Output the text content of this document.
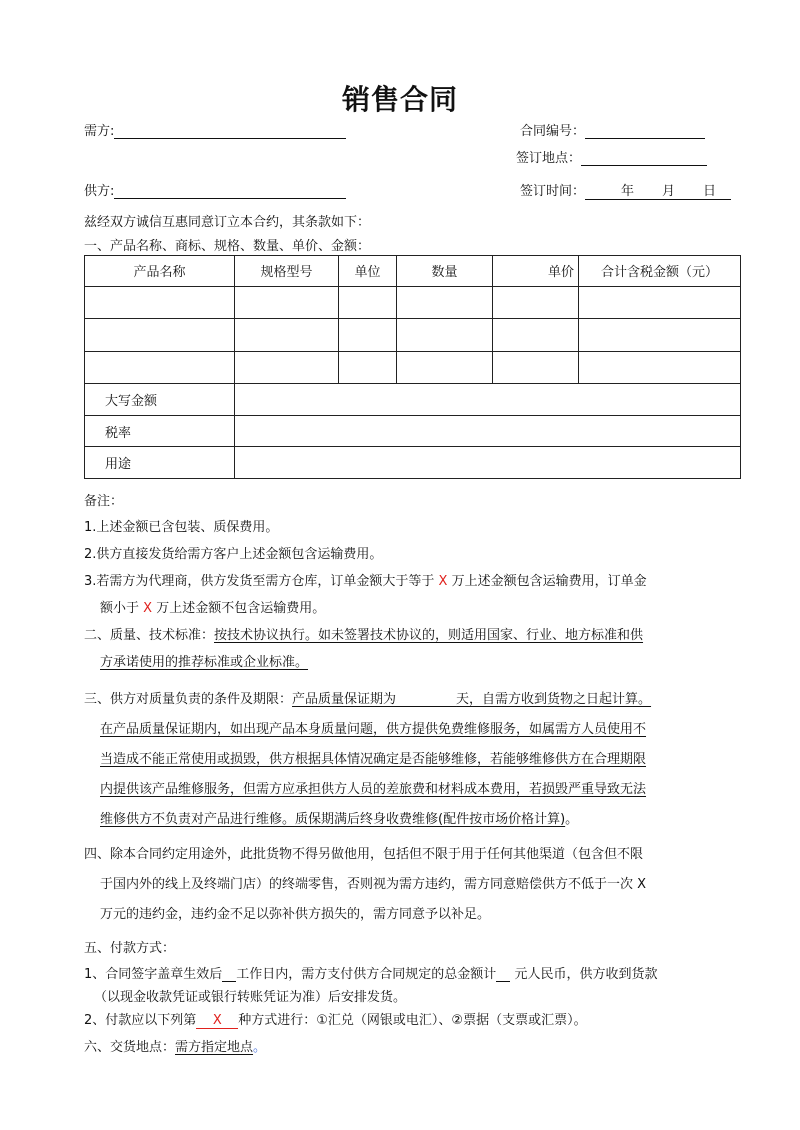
销售合同
需方:	合同编号：
签订地点：
供方:	签订时间：	年 月 日
兹经双方诚信互惠同意订立本合约，其条款如下：
一、产品名称、商标、规格、数量、单价、金额：
产品名称	规格型号	单位	数量	单价	合计含税金额（元）

大写金额					
税率					
用途					
备注：
1.上述金额已含包装、质保费用。
2.供方直接发货给需方客户上述金额包含运输费用。
3.若需方为代理商，供方发货至需方仓库，订单金额大于等于 X 万上述金额包含运输费用，订单金
额小于 X 万上述金额不包含运输费用。
二、质量、技术标准：按技术协议执行。如未签署技术协议的，则适用国家、行业、地方标准和供
方承诺使用的推荐标准或企业标准。
三、供方对质量负责的条件及期限：产品质量保证期为	天，自需方收到货物之日起计算。
在产品质量保证期内，如出现产品本身质量问题，供方提供免费维修服务，如属需方人员使用不
当造成不能正常使用或损毁，供方根据具体情况确定是否能够维修，若能够维修供方在合理期限
内提供该产品维修服务，但需方应承担供方人员的差旅费和材料成本费用，若损毁严重导致无法
维修供方不负责对产品进行维修。质保期满后终身收费维修(配件按市场价格计算)。
四、除本合同约定用途外，此批货物不得另做他用，包括但不限于用于任何其他渠道（包含但不限
于国内外的线上及终端门店）的终端零售，否则视为需方违约，需方同意赔偿供方不低于一次 X
万元的违约金，违约金不足以弥补供方损失的，需方同意予以补足。
五、付款方式：
1、合同签字盖章生效后 工作日内，需方支付供方合同规定的总金额计 元人民币，供方收到货款
（以现金收款凭证或银行转账凭证为准）后安排发货。
2、付款应以下列第 X 种方式进行：①汇兑（网银或电汇）、②票据（支票或汇票）。
六、交货地点：需方指定地点。
